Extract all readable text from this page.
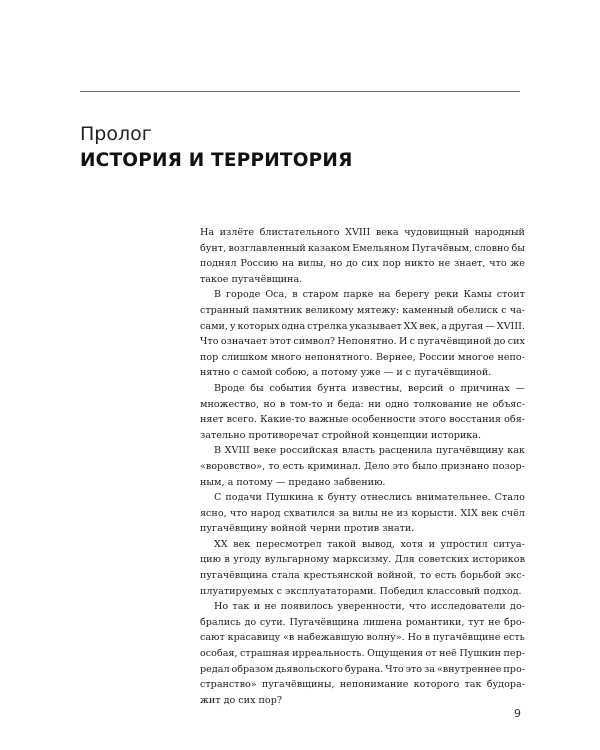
Пролог
ИСТОРИЯ И ТЕРРИТОРИЯ
На излёте блистательного XVIII века чудовищный народный
бунт, возглавленный казаком Емельяном Пугачёвым, словно бы
поднял Россию на вилы, но до сих пор никто не знает, что же
такое пугачёвщина.
В городе Оса, в старом парке на берегу реки Камы стоит
странный памятник великому мятежу: каменный обелиск с ча-
сами, у которых одна стрелка указывает XX век, а другая — XVIII.
Что означает этот символ? Непонятно. И с пугачёвщиной до сих
пор слишком много непонятного. Вернее, России многое непо-
нятно с самой собою, а потому уже — и с пугачёвщиной.
Вроде бы события бунта известны, версий о причинах —
множество, но в том-то и беда: ни одно толкование не объяс-
няет всего. Какие-то важные особенности этого восстания обя-
зательно противоречат стройной концепции историка.
В XVIII веке российская власть расценила пугачёвщину как
«воровство», то есть криминал. Дело это было признано позор-
ным, а потому — предано забвению.
С подачи Пушкина к бунту отнеслись внимательнее. Стало
ясно, что народ схватился за вилы не из корысти. XIX век счёл
пугачёвщину войной черни против знати.
XX век пересмотрел такой вывод, хотя и упростил ситуа-
цию в угоду вульгарному марксизму. Для советских историков
пугачёвщина стала крестьянской войной, то есть борьбой экс-
плуатируемых с эксплуататорами. Победил классовый подход.
Но так и не появилось уверенности, что исследователи до-
брались до сути. Пугачёвщина лишена романтики, тут не бро-
сают красавицу «в набежавшую волну». Но в пугачёвщине есть
особая, страшная ирреальность. Ощущения от неё Пушкин пер-
редал образом дьявольского бурана. Что это за «внутреннее про-
странство» пугачёвщины, непонимание которого так будора-
жит до сих пор?
9
